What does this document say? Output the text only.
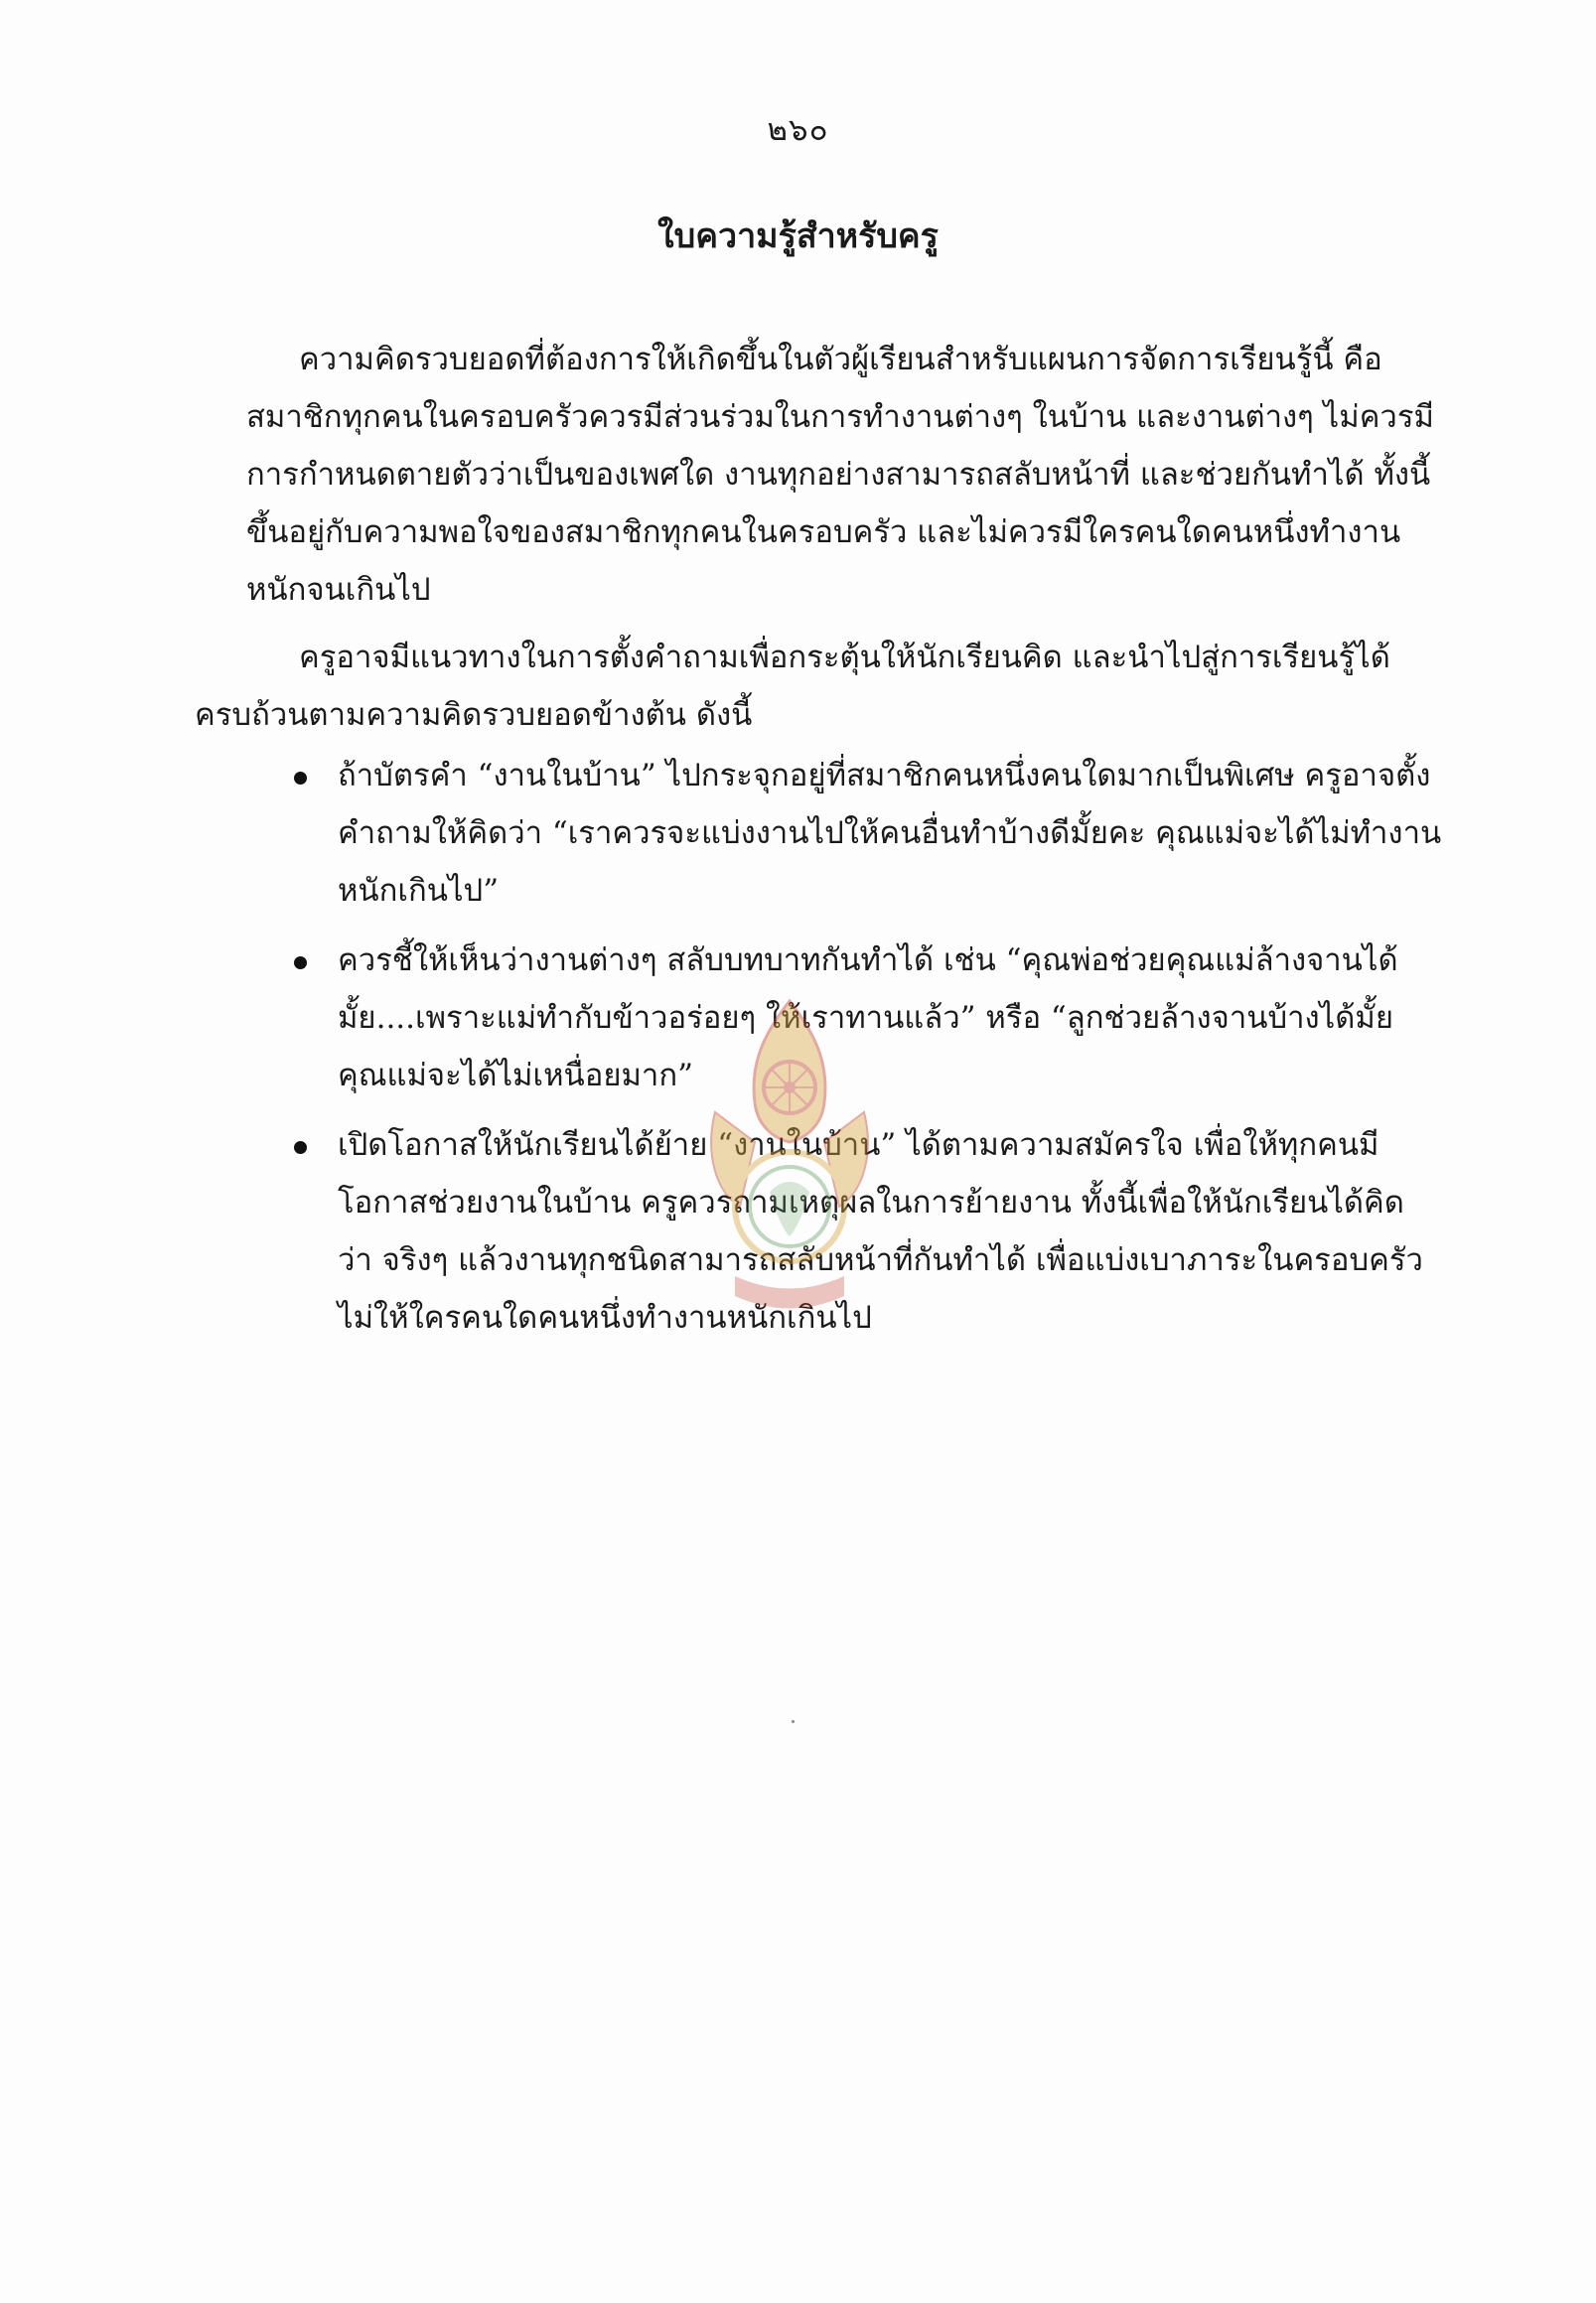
๒๖๐
ใบความรู้สำหรับครู
ความคิดรวบยอดที่ต้องการให้เกิดขึ้นในตัวผู้เรียนสำหรับแผนการจัดการเรียนรู้นี้ คือ
สมาชิกทุกคนในครอบครัวควรมีส่วนร่วมในการทำงานต่างๆ ในบ้าน และงานต่างๆ ไม่ควรมี
การกำหนดตายตัวว่าเป็นของเพศใด งานทุกอย่างสามารถสลับหน้าที่ และช่วยกันทำได้ ทั้งนี้
ขึ้นอยู่กับความพอใจของสมาชิกทุกคนในครอบครัว และไม่ควรมีใครคนใดคนหนึ่งทำงาน
หนักจนเกินไป
ครูอาจมีแนวทางในการตั้งคำถามเพื่อกระตุ้นให้นักเรียนคิด และนำไปสู่การเรียนรู้ได้
ครบถ้วนตามความคิดรวบยอดข้างต้น ดังนี้
ถ้าบัตรคำ “งานในบ้าน” ไปกระจุกอยู่ที่สมาชิกคนหนึ่งคนใดมากเป็นพิเศษ ครูอาจตั้ง
คำถามให้คิดว่า “เราควรจะแบ่งงานไปให้คนอื่นทำบ้างดีมั้ยคะ คุณแม่จะได้ไม่ทำงาน
หนักเกินไป”
ควรชี้ให้เห็นว่างานต่างๆ สลับบทบาทกันทำได้ เช่น “คุณพ่อช่วยคุณแม่ล้างจานได้
มั้ย....เพราะแม่ทำกับข้าวอร่อยๆ ให้เราทานแล้ว” หรือ “ลูกช่วยล้างจานบ้างได้มั้ย
คุณแม่จะได้ไม่เหนื่อยมาก”
เปิดโอกาสให้นักเรียนได้ย้าย “งานในบ้าน” ได้ตามความสมัครใจ เพื่อให้ทุกคนมี
โอกาสช่วยงานในบ้าน ครูควรถามเหตุผลในการย้ายงาน ทั้งนี้เพื่อให้นักเรียนได้คิด
ว่า จริงๆ แล้วงานทุกชนิดสามารถสลับหน้าที่กันทำได้ เพื่อแบ่งเบาภาระในครอบครัว
ไม่ให้ใครคนใดคนหนึ่งทำงานหนักเกินไป
